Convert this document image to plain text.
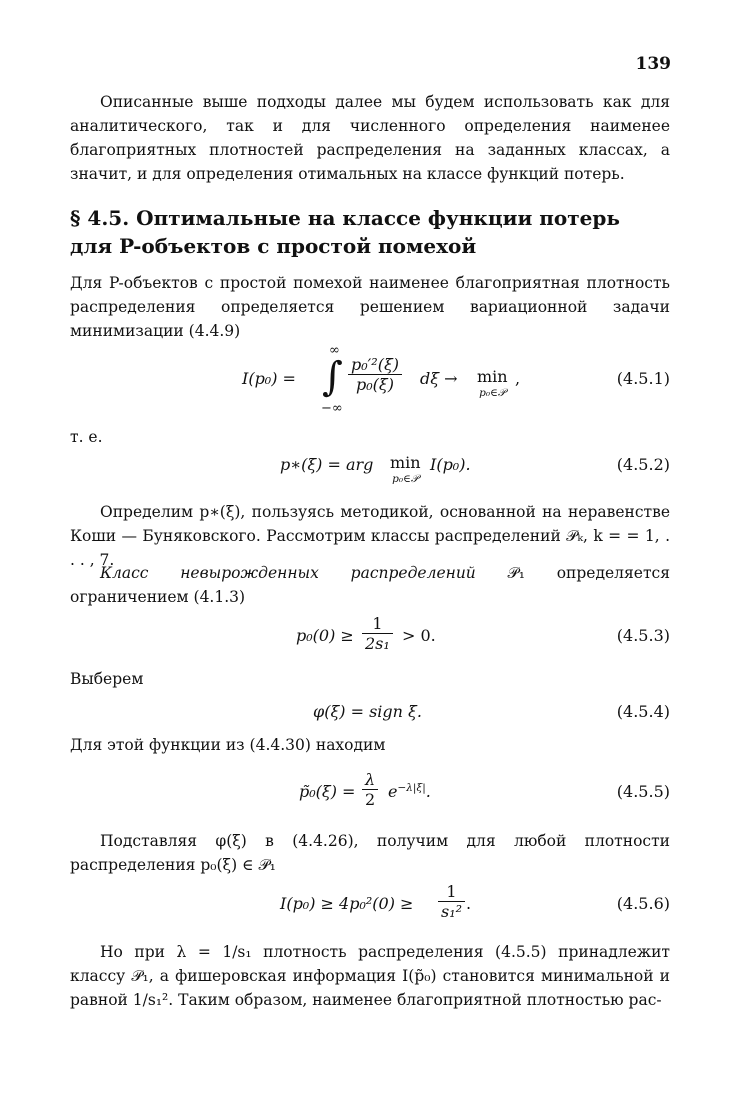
139
Описанные выше подходы далее мы будем использовать как для аналитического, так и для численного определения наименее благоприятных плотностей распределения на заданных классах, а значит, и для определения отимальных на классе функций потерь.
§ 4.5. Оптимальные на классе функции потерь
для P-объектов с простой помехой
Для P-объектов с простой помехой наименее благоприятная плотность распределения определяется решением вариационной задачи минимизации (4.4.9)
I(p₀) =
∞
∫
−∞
$\frac{\text{p₀′²(ξ)}}{\text{p₀(ξ)}}$ dξ → min
p₀∈𝒫
,	(4.5.1)
т. е.
p∗(ξ) = arg min
p₀∈𝒫
I(p₀).	(4.5.2)
Определим p∗(ξ), пользуясь методикой, основанной на неравенстве Коши — Буняковского. Рассмотрим классы распределений 𝒫ₖ, k = = 1, . . . , 7.
Класс невырожденных распределений 𝒫₁ определяется ограничением (4.1.3)
$p_0(0) \ge \frac{1}{\text{2s₁}} > 0$.	(4.5.3)
Выберем
φ(ξ) = sign ξ.	(4.5.4)
Для этой функции из (4.4.30) находим
p̃₀(ξ) = $\frac{\lambda}{2} e^{-\lambda|\xi|}$.	(4.5.5)
Подставляя φ(ξ) в (4.4.26), получим для любой плотности распределения p₀(ξ) ∈ 𝒫₁
$I(p_0) \ge 4p_0^2(0) \ge \frac{1}{\text{s₁²}}$ .	(4.5.6)
Но при λ = 1/s₁ плотность распределения (4.5.5) принадлежит классу 𝒫₁, а фишеровская информация I(p̃₀) становится минимальной и равной 1/s₁². Таким образом, наименее благоприятной плотностью рас-
